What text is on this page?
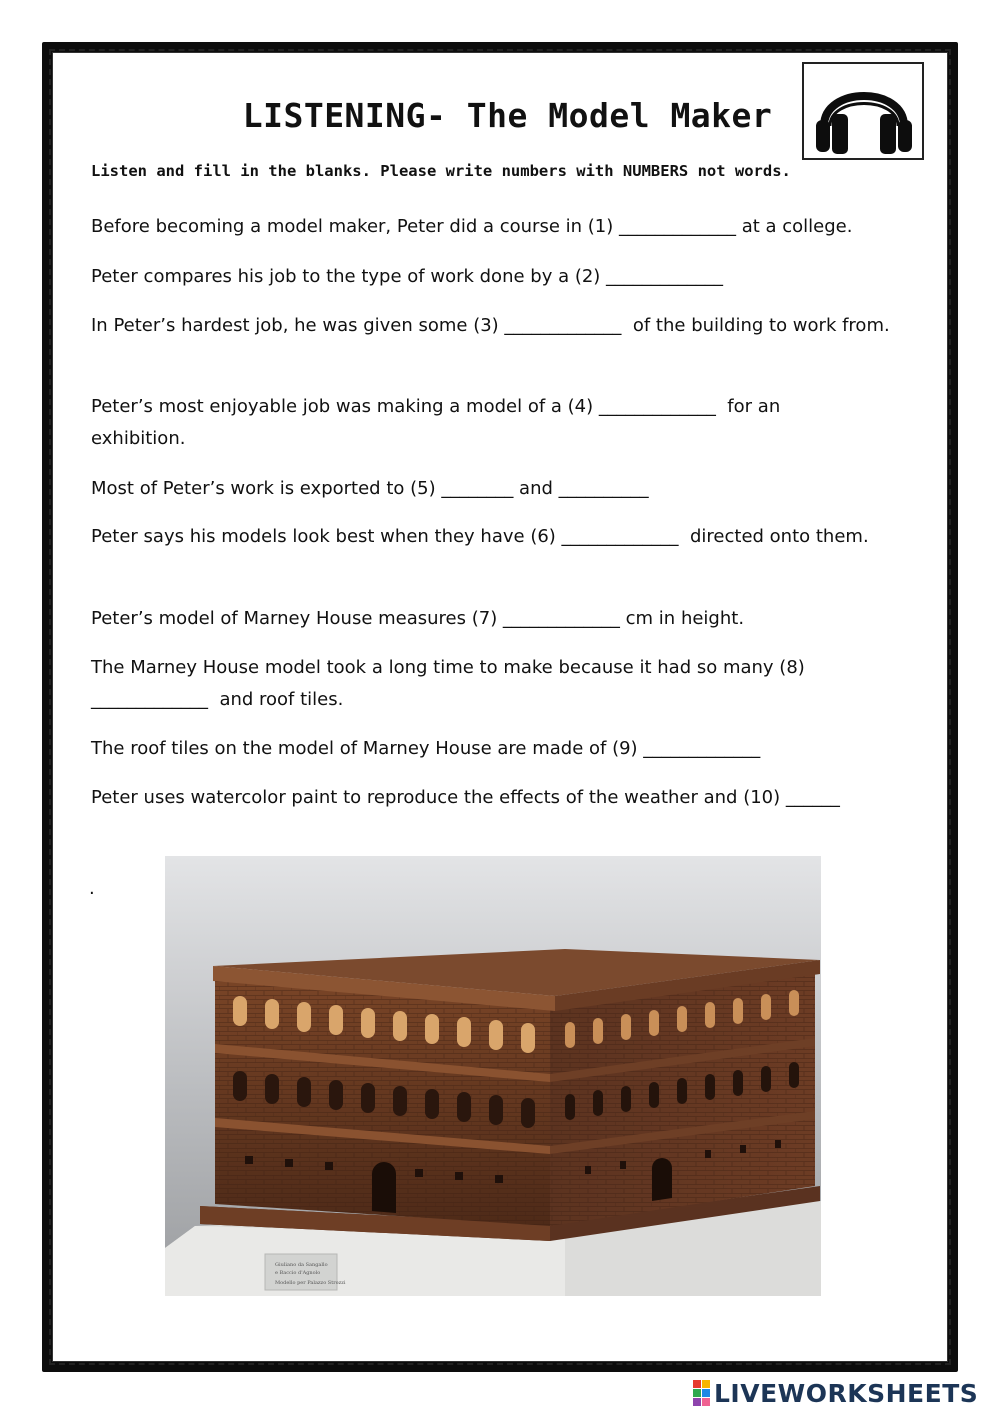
LISTENING- The Model Maker
Listen and fill in the blanks. Please write numbers with NUMBERS not words.
Before becoming a model maker, Peter did a course in (1) _____________ at a college.
Peter compares his job to the type of work done by a (2) _____________
In Peter’s hardest job, he was given some (3) _____________  of the building to work from.
Peter’s most enjoyable job was making a model of a (4) _____________  for an exhibition.
Most of Peter’s work is exported to (5) ________ and __________
Peter says his models look best when they have (6) _____________  directed onto them.
Peter’s model of Marney House measures (7) _____________ cm in height.
The Marney House model took a long time to make because it had so many (8) _____________  and roof tiles.
The roof tiles on the model of Marney House are made of (9) _____________
Peter uses watercolor paint to reproduce the effects of the weather and (10) ______
.
Giuliano da Sangallo
e Baccio d'Agnolo
Modello per Palazzo Strozzi
LIVEWORKSHEETS
